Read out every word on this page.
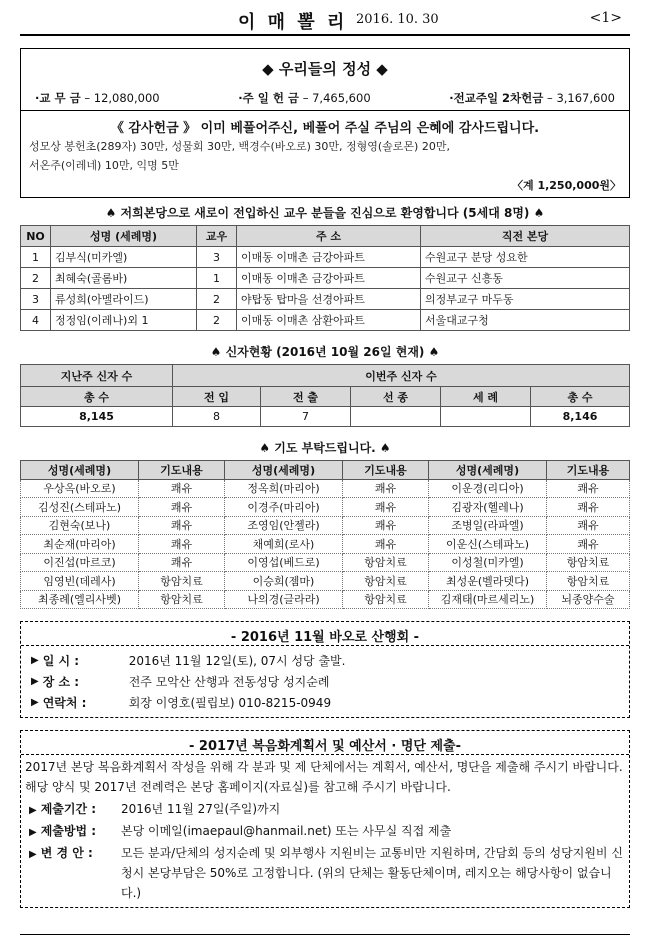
이 매 뽈 리 2016. 10. 30	<1>
◆ 우리들의 정성 ◆
·교 무 금 – 12,080,000	·주 일 헌 금 – 7,465,600	·전교주일 2차헌금 – 3,167,600
《 감사헌금 》 이미 베풀어주신, 베풀어 주실 주님의 은혜에 감사드립니다.
성모상 봉헌초(289자) 30만, 성물회 30만, 백경수(바오로) 30만, 정형영(솔로몬) 20만,
서온주(이레네) 10만, 익명 5만
〈계 1,250,000원〉
♠ 저희본당으로 새로이 전입하신 교우 분들을 진심으로 환영합니다 (5세대 8명) ♠
NO	성명 (세례명)	교우	주 소	직전 본당
1	김부식(미카엘)	3	이매동 이매촌 금강아파트	수원교구 분당 성요한
2	최혜숙(골롬바)	1	이매동 이매촌 금강아파트	수원교구 신흥동
3	류성희(아멜라이드)	2	야탑동 탑마을 선경아파트	의정부교구 마두동
4	정정임(이레나)외 1	2	이매동 이매촌 삼환아파트	서울대교구청
♠ 신자현황 (2016년 10월 26일 현재) ♠
지난주 신자 수	이번주 신자 수				
총 수	전 입	전 출	선 종	세 례	총 수
8,145	8	7			8,146
♠ 기도 부탁드립니다. ♠
성명(세례명)	기도내용	성명(세례명)	기도내용	성명(세례명)	기도내용
우상옥(바오로)	쾌유	정옥희(마리아)	쾌유	이운경(리디아)	쾌유
김성진(스테파노)	쾌유	이경주(마리아)	쾌유	김광자(헬레나)	쾌유
김현숙(보나)	쾌유	조영임(안젤라)	쾌유	조병일(라파엘)	쾌유
최순재(마리아)	쾌유	채예희(로사)	쾌유	이운신(스테파노)	쾌유
이진섭(마르코)	쾌유	이영섭(베드로)	항암치료	이성철(미카엘)	항암치료
임영빈(데레사)	항암치료	이승희(젬마)	항암치료	최성운(벨라뎃다)	항암치료
최종례(엘리사벳)	항암치료	나의경(글라라)	항암치료	김재태(마르세리노)	뇌종양수술
- 2016년 11월 바오로 산행회 -
▶ 일 시 :	2016년 11월 12일(토), 07시 성당 출발.
▶ 장 소 :	전주 모악산 산행과 전동성당 성지순례
▶ 연락처 :	회장 이영호(필립보) 010-8215-0949
- 2017년 복음화계획서 및 예산서 · 명단 제출-
2017년 본당 복음화계획서 작성을 위해 각 분과 및 제 단체에서는 계획서, 예산서, 명단을 제출해 주시기 바랍니다. 해당 양식 및 2017년 전례력은 본당 홈페이지(자료실)를 참고해 주시기 바랍니다.
▶ 제출기간 :	2016년 11월 27일(주일)까지
▶ 제출방법 :	본당 이메일(imaepaul@hanmail.net) 또는 사무실 직접 제출
▶ 변 경 안 :	모든 분과/단체의 성지순례 및 외부행사 지원비는 교통비만 지원하며, 간담회 등의 성당지원비 신청시 본당부담은 50%로 고정합니다. (위의 단체는 활동단체이며, 레지오는 해당사항이 없습니다.)
